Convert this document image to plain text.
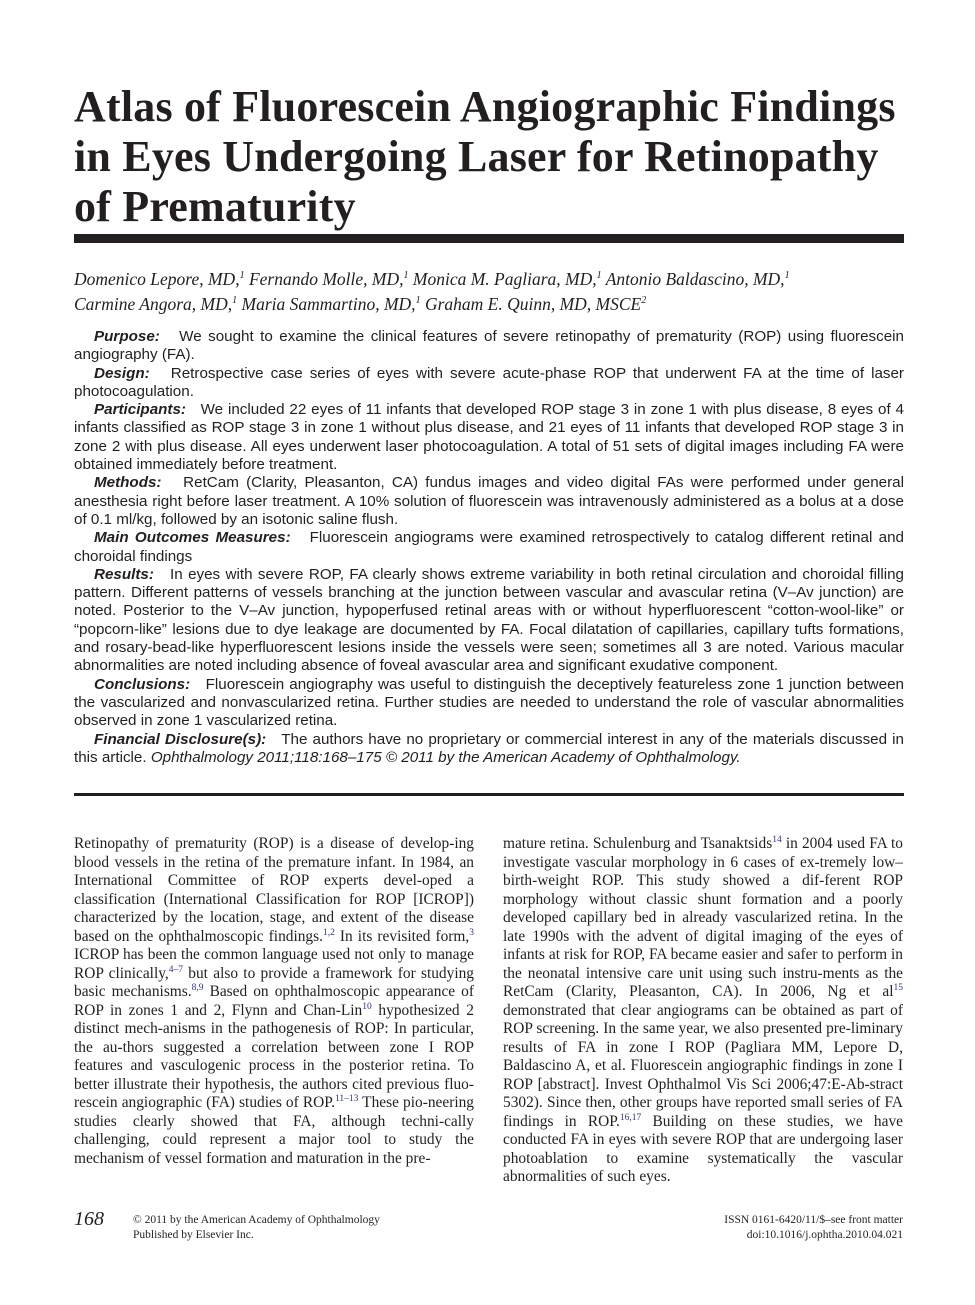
Atlas of Fluorescein Angiographic Findings in Eyes Undergoing Laser for Retinopathy of Prematurity
Domenico Lepore, MD,$^1$ Fernando Molle, MD,$^1$ Monica M. Pagliara, MD,$^1$ Antonio Baldascino, MD,$^1$
Carmine Angora, MD,$^1$ Maria Sammartino, MD,$^1$ Graham E. Quinn, MD, MSCE$^2$

Purpose: We sought to examine the clinical features of severe retinopathy of prematurity (ROP) using fluorescein angiography (FA).

Design: Retrospective case series of eyes with severe acute-phase ROP that underwent FA at the time of laser photocoagulation.

Participants: We included 22 eyes of 11 infants that developed ROP stage 3 in zone 1 with plus disease, 8 eyes of 4 infants classified as ROP stage 3 in zone 1 without plus disease, and 21 eyes of 11 infants that developed ROP stage 3 in zone 2 with plus disease. All eyes underwent laser photocoagulation. A total of 51 sets of digital images including FA were obtained immediately before treatment.

Methods: RetCam (Clarity, Pleasanton, CA) fundus images and video digital FAs were performed under general anesthesia right before laser treatment. A 10% solution of fluorescein was intravenously administered as a bolus at a dose of 0.1 ml/kg, followed by an isotonic saline flush.

Main Outcomes Measures: Fluorescein angiograms were examined retrospectively to catalog different retinal and choroidal findings

Results: In eyes with severe ROP, FA clearly shows extreme variability in both retinal circulation and choroidal filling pattern. Different patterns of vessels branching at the junction between vascular and avascular retina (V–Av junction) are noted. Posterior to the V–Av junction, hypoperfused retinal areas with or without hyperfluorescent “cotton-wool-like” or “popcorn-like” lesions due to dye leakage are documented by FA. Focal dilatation of capillaries, capillary tufts formations, and rosary-bead-like hyperfluorescent lesions inside the vessels were seen; sometimes all 3 are noted. Various macular abnormalities are noted including absence of foveal avascular area and significant exudative component.

Conclusions: Fluorescein angiography was useful to distinguish the deceptively featureless zone 1 junction between the vascularized and nonvascularized retina. Further studies are needed to understand the role of vascular abnormalities observed in zone 1 vascularized retina.

Financial Disclosure(s): The authors have no proprietary or commercial interest in any of the materials discussed in this article. Ophthalmology 2011;118:168–175 © 2011 by the American Academy of Ophthalmology.

Retinopathy of prematurity (ROP) is a disease of develop-ing blood vessels in the retina of the premature infant. In 1984, an International Committee of ROP experts devel-oped a classification (International Classification for ROP [ICROP]) characterized by the location, stage, and extent of the disease based on the ophthalmoscopic findings.$^{1,2}$ In its revisited form,$^3$ ICROP has been the common language used not only to manage ROP clinically,$^{4-7}$ but also to provide a framework for studying basic mechanisms.$^{8,9}$ Based on ophthalmoscopic appearance of ROP in zones 1 and 2, Flynn and Chan-Lin$^{10}$ hypothesized 2 distinct mech-anisms in the pathogenesis of ROP: In particular, the au-thors suggested a correlation between zone I ROP features and vasculogenic process in the posterior retina. To better illustrate their hypothesis, the authors cited previous fluo-rescein angiographic (FA) studies of ROP.$^{11-13}$ These pio-neering studies clearly showed that FA, although techni-cally challenging, could represent a major tool to study the mechanism of vessel formation and maturation in the pre-

mature retina. Schulenburg and Tsanaktsids$^{14}$ in 2004 used FA to investigate vascular morphology in 6 cases of ex-tremely low– birth-weight ROP. This study showed a dif-ferent ROP morphology without classic shunt formation and a poorly developed capillary bed in already vascularized retina. In the late 1990s with the advent of digital imaging of the eyes of infants at risk for ROP, FA became easier and safer to perform in the neonatal intensive care unit using such instru-ments as the RetCam (Clarity, Pleasanton, CA). In 2006, Ng et $al^{15}$ demonstrated that clear angiograms can be obtained as part of ROP screening. In the same year, we also presented pre-liminary results of FA in zone I ROP (Pagliara MM, Lepore D, Baldascino A, et al. Fluorescein angiographic findings in zone I ROP [abstract]. Invest Ophthalmol Vis Sci 2006;47:E-Ab-stract 5302). Since then, other groups have reported small series of FA findings in ROP.$^{16,17}$ Building on these studies, we have conducted FA in eyes with severe ROP that are undergoing laser photoablation to examine systematically the vascular abnormalities of such eyes.

168	© 2011 by the American Academy of Ophthalmology
Published by Elsevier Inc.
ISSN 0161-6420/11/$–see front matter
doi:10.1016/j.ophtha.2010.04.021
